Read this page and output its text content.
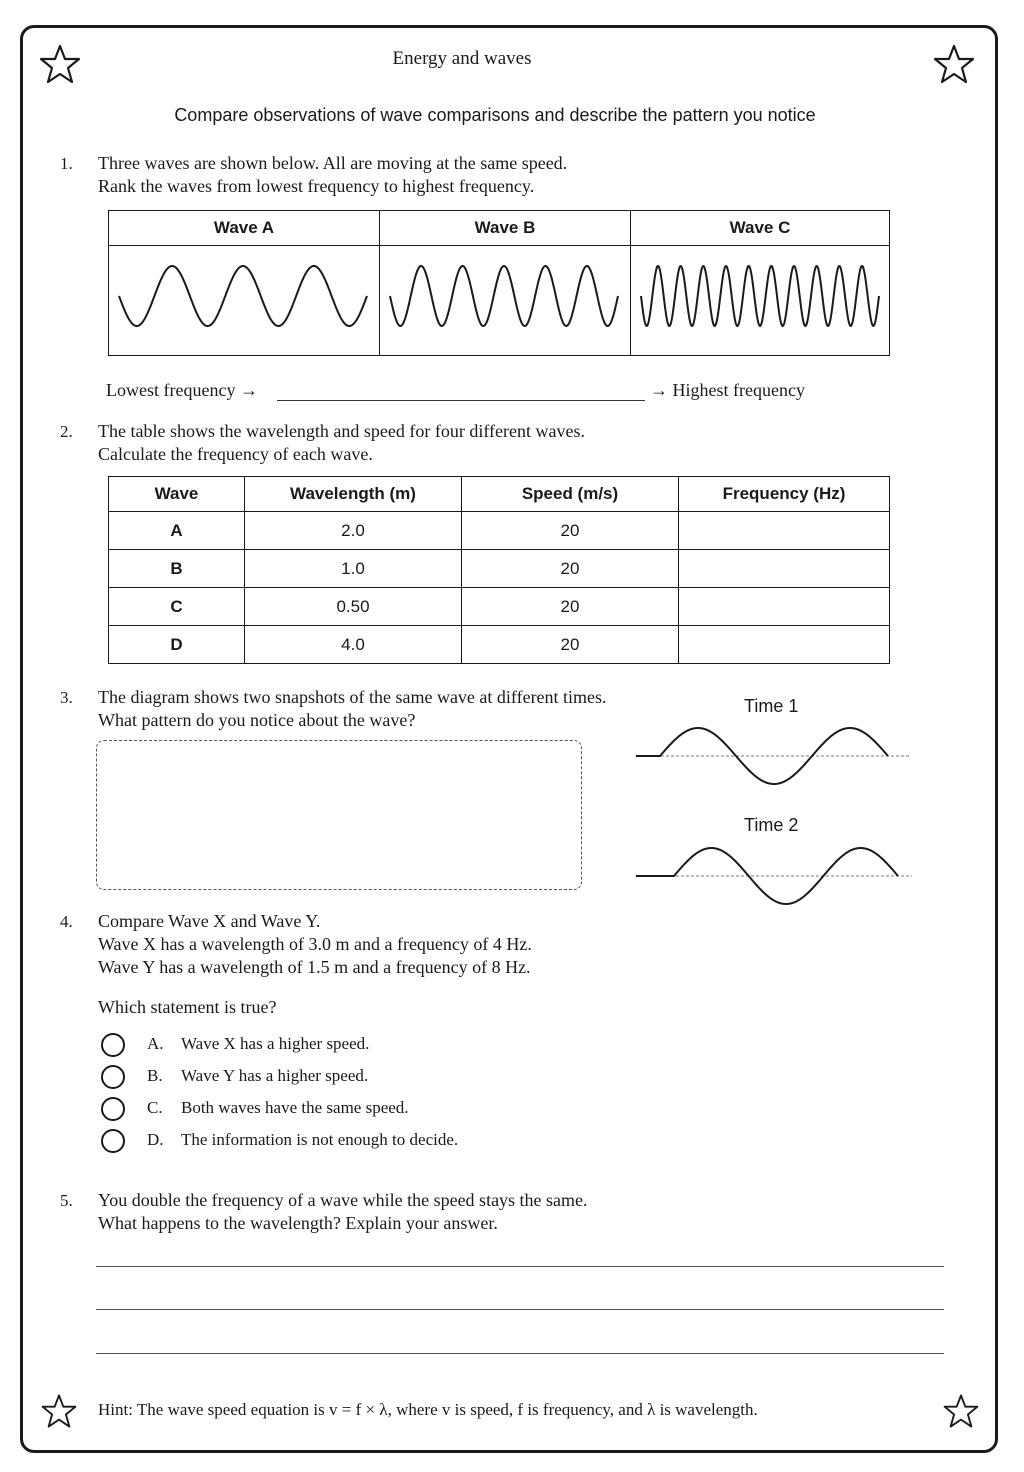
Energy and waves
Compare observations of wave comparisons and describe the pattern you notice
1. Three waves are shown below. All are moving at the same speed.
Rank the waves from lowest frequency to highest frequency.
Wave A	Wave B	Wave C

Lowest frequency →	→ Highest frequency
2. The table shows the wavelength and speed for four different waves.
Calculate the frequency of each wave.
Wave	Wavelength (m)	Speed (m/s)	Frequency (Hz)
A	2.0	20	
B	1.0	20	
C	0.50	20	
D	4.0	20	
3. The diagram shows two snapshots of the same wave at different times.
What pattern do you notice about the wave?
Time 1
Time 2
4. Compare Wave X and Wave Y.
Wave X has a wavelength of 3.0 m and a frequency of 4 Hz.
Wave Y has a wavelength of 1.5 m and a frequency of 8 Hz.
Which statement is true?
A. Wave X has a higher speed.
B. Wave Y has a higher speed.
C. Both waves have the same speed.
D. The information is not enough to decide.
5. You double the frequency of a wave while the speed stays the same.
What happens to the wavelength? Explain your answer.
Hint: The wave speed equation is v = f × λ, where v is speed, f is frequency, and λ is wavelength.
